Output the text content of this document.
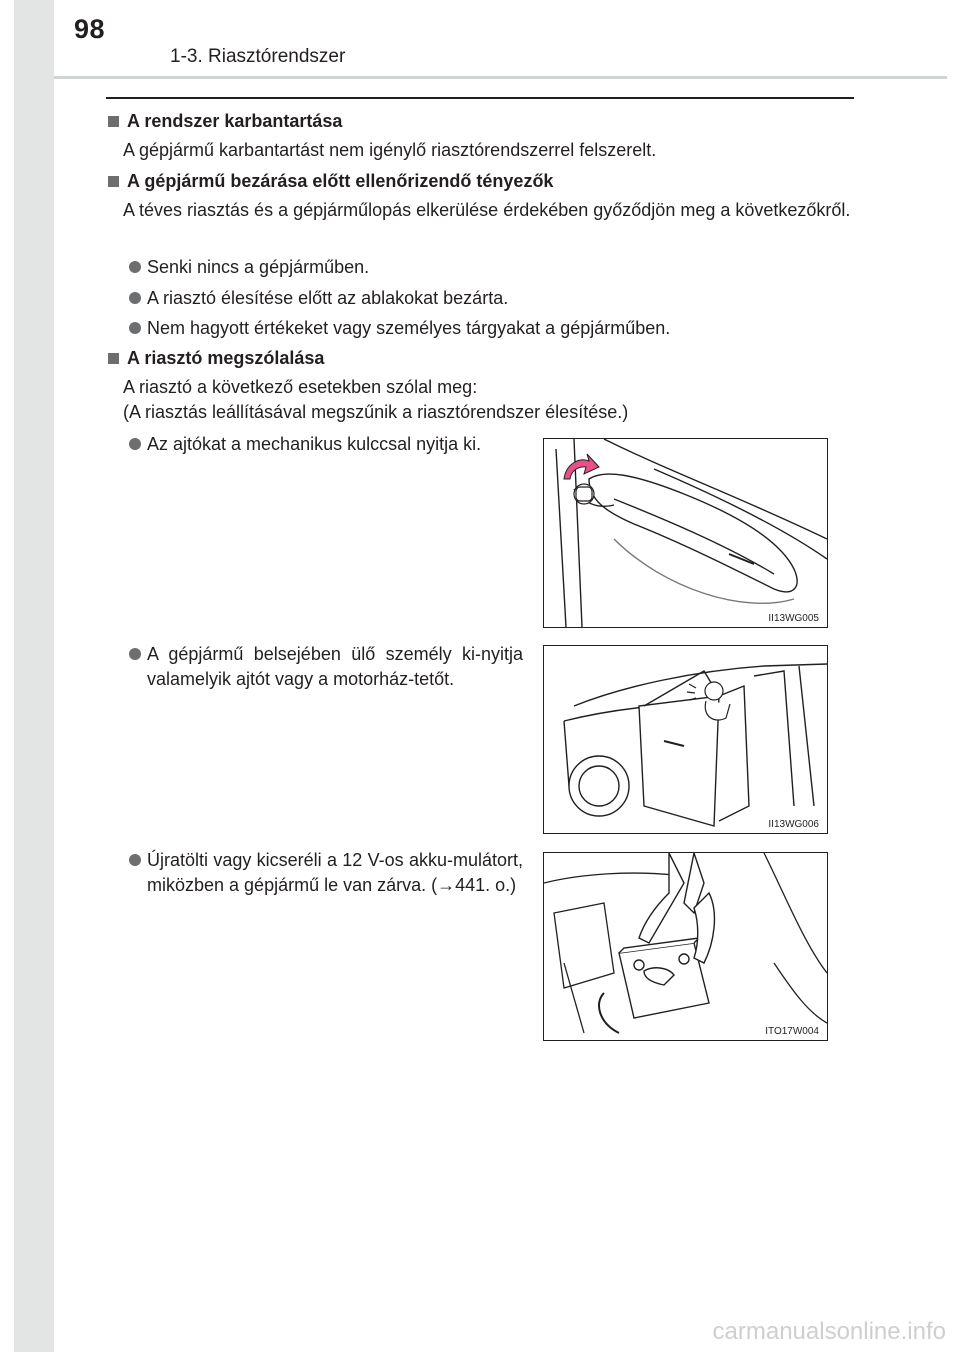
98
1-3. Riasztórendszer
A rendszer karbantartása
A gépjármű karbantartást nem igénylő riasztórendszerrel felszerelt.
A gépjármű bezárása előtt ellenőrizendő tényezők
A téves riasztás és a gépjárműlopás elkerülése érdekében győződjön meg a következőkről.
Senki nincs a gépjárműben.
A riasztó élesítése előtt az ablakokat bezárta.
Nem hagyott értékeket vagy személyes tárgyakat a gépjárműben.
A riasztó megszólalása
A riasztó a következő esetekben szólal meg:
(A riasztás leállításával megszűnik a riasztórendszer élesítése.)
Az ajtókat a mechanikus kulccsal nyitja ki.
A gépjármű belsejében ülő személy ki-nyitja valamelyik ajtót vagy a motorház-tetőt.
Újratölti vagy kicseréli a 12 V-os akku-mulátort, miközben a gépjármű le van zárva. (→441. o.)
II13WG005
II13WG006
ITO17W004
carmanualsonline.info
